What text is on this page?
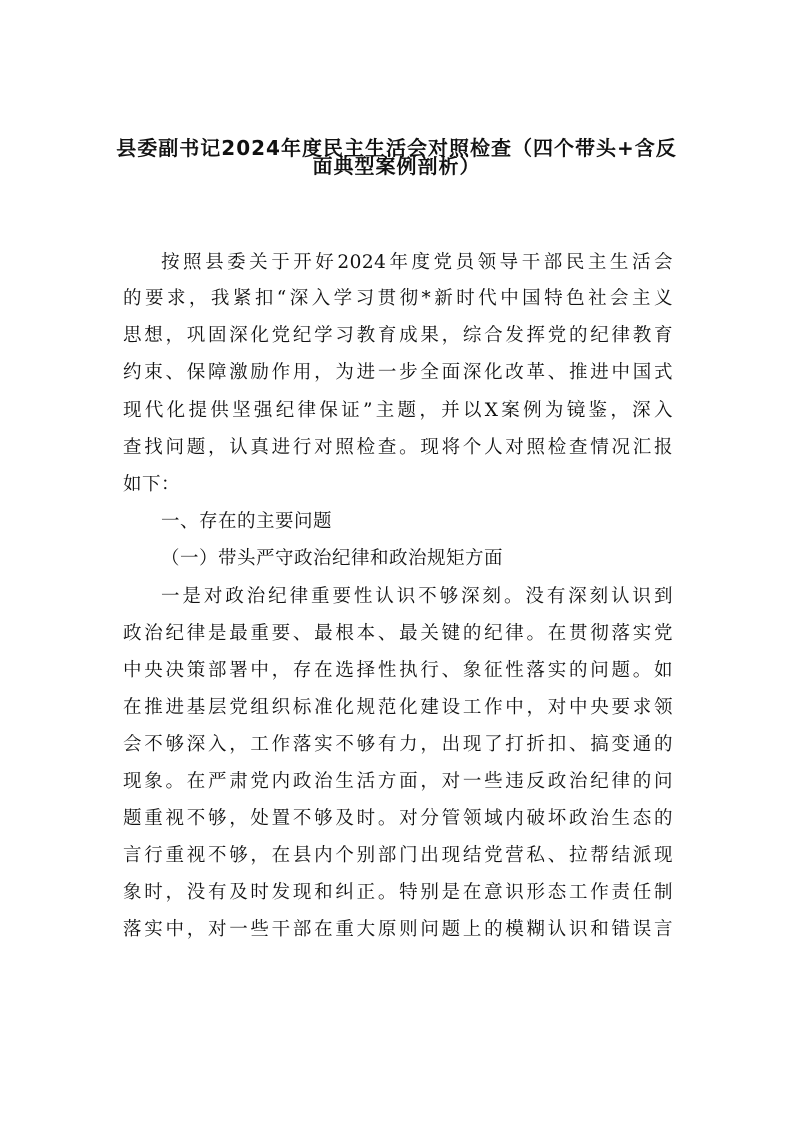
县委副书记2024年度民主生活会对照检查（四个带头+含反
面典型案例剖析）
按照县委关于开好2024年度党员领导干部民主生活会
的要求，我紧扣“深入学习贯彻*新时代中国特色社会主义
思想，巩固深化党纪学习教育成果，综合发挥党的纪律教育
约束、保障激励作用，为进一步全面深化改革、推进中国式
现代化提供坚强纪律保证”主题，并以X案例为镜鉴，深入
查找问题，认真进行对照检查。现将个人对照检查情况汇报
如下：
一、存在的主要问题
（一）带头严守政治纪律和政治规矩方面
一是对政治纪律重要性认识不够深刻。没有深刻认识到
政治纪律是最重要、最根本、最关键的纪律。在贯彻落实党
中央决策部署中，存在选择性执行、象征性落实的问题。如
在推进基层党组织标准化规范化建设工作中，对中央要求领
会不够深入，工作落实不够有力，出现了打折扣、搞变通的
现象。在严肃党内政治生活方面，对一些违反政治纪律的问
题重视不够，处置不够及时。对分管领域内破坏政治生态的
言行重视不够，在县内个别部门出现结党营私、拉帮结派现
象时，没有及时发现和纠正。特别是在意识形态工作责任制
落实中，对一些干部在重大原则问题上的模糊认识和错误言
